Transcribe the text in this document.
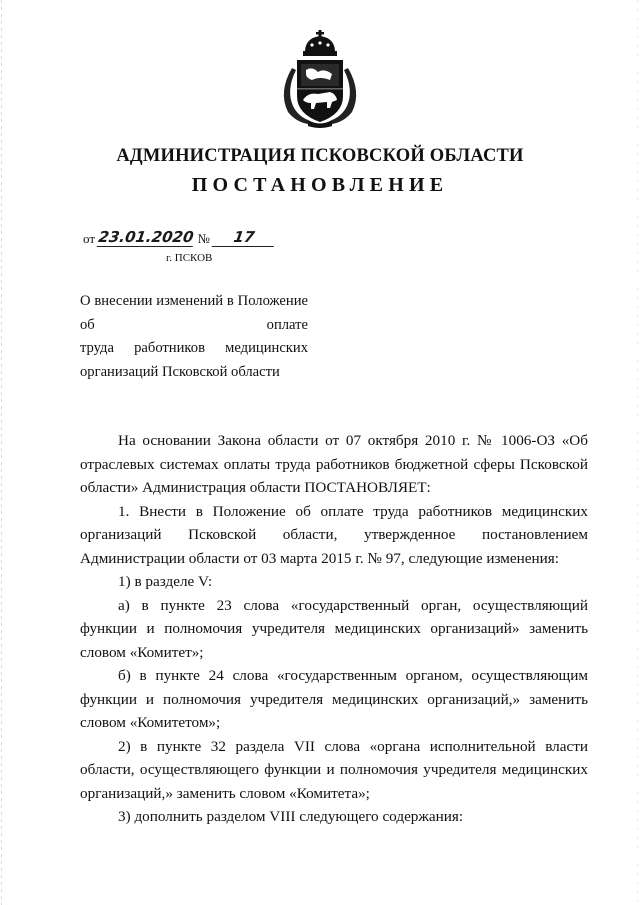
АДМИНИСТРАЦИЯ ПСКОВСКОЙ ОБЛАСТИ
ПОСТАНОВЛЕНИЕ
от 23.01.2020 № 17
г. ПСКОВ
О внесении изменений в Положение об оплате
труда работников медицинских
организаций Псковской области

На основании Закона области от 07 октября 2010 г. № 1006-ОЗ «Об отраслевых системах оплаты труда работников бюджетной сферы Псковской области» Администрация области ПОСТАНОВЛЯЕТ:

1. Внести в Положение об оплате труда работников медицинских организаций Псковской области, утвержденное постановлением Администрации области от 03 марта 2015 г. № 97, следующие изменения:

1) в разделе V:

а) в пункте 23 слова «государственный орган, осуществляющий функции и полномочия учредителя медицинских организаций» заменить словом «Комитет»;

б) в пункте 24 слова «государственным органом, осуществляющим функции и полномочия учредителя медицинских организаций,» заменить словом «Комитетом»;

2) в пункте 32 раздела VII слова «органа исполнительной власти области, осуществляющего функции и полномочия учредителя медицинских организаций,» заменить словом «Комитета»;

3) дополнить разделом VIII следующего содержания:
